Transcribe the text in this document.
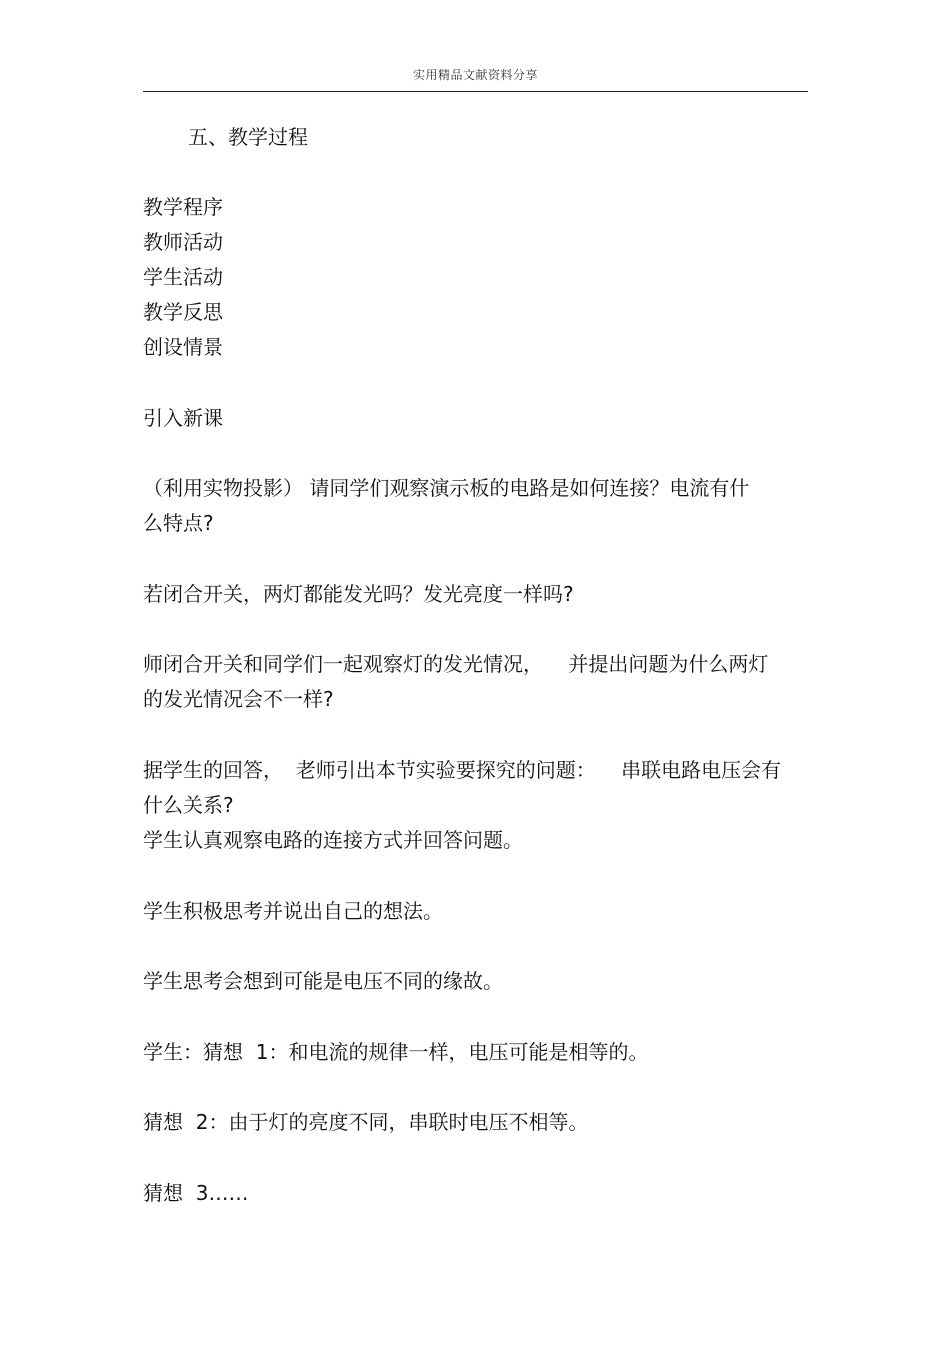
实用精品文献资料分享
五、教学过程
教学程序
教师活动
学生活动
教学反思
创设情景
引入新课
（利用实物投影） 请同学们观察演示板的电路是如何连接？电流有什
么特点?
若闭合开关，两灯都能发光吗？发光亮度一样吗?
师闭合开关和同学们一起观察灯的发光情况，    并提出问题为什么两灯
的发光情况会不一样?
据学生的回答，  老师引出本节实验要探究的问题：    串联电路电压会有
什么关系?
学生认真观察电路的连接方式并回答问题。
学生积极思考并说出自己的想法。
学生思考会想到可能是电压不同的缘故。
学生：猜想  1：和电流的规律一样，电压可能是相等的。
猜想  2：由于灯的亮度不同，串联时电压不相等。
猜想  3……
